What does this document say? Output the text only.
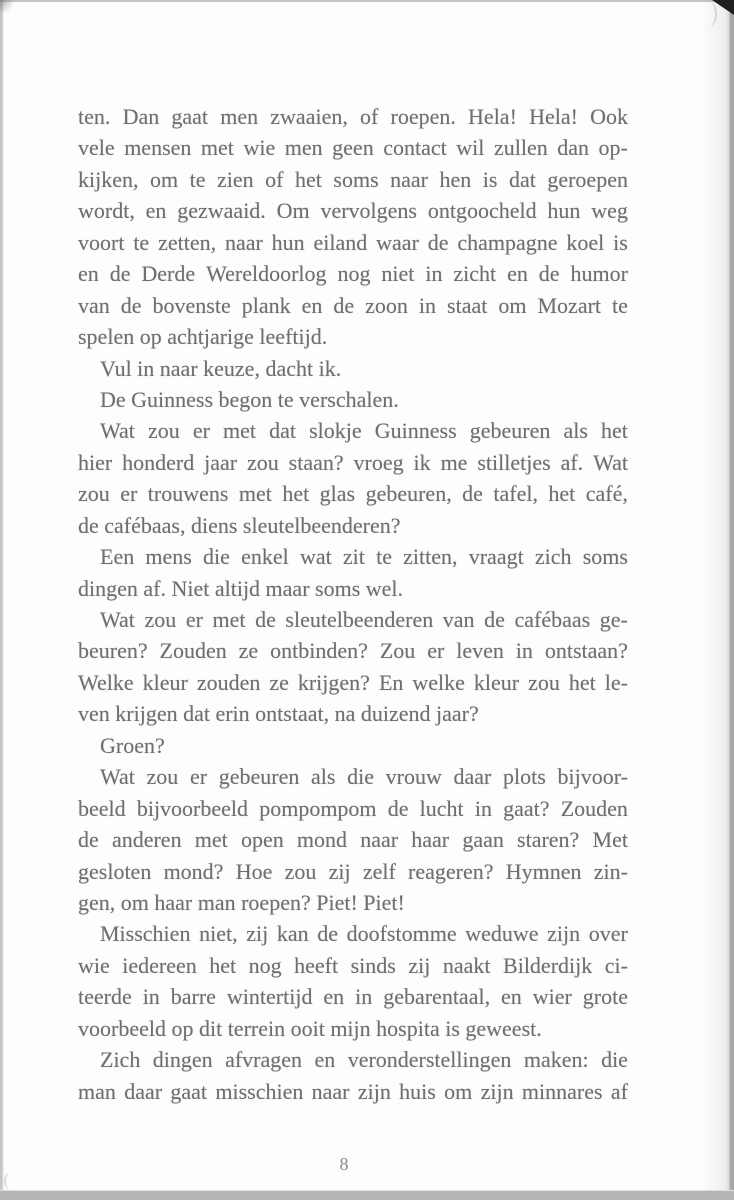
ten. Dan gaat men zwaaien, of roepen. Hela! Hela! Ook
vele mensen met wie men geen contact wil zullen dan op-
kijken, om te zien of het soms naar hen is dat geroepen
wordt, en gezwaaid. Om vervolgens ontgoocheld hun weg
voort te zetten, naar hun eiland waar de champagne koel is
en de Derde Wereldoorlog nog niet in zicht en de humor
van de bovenste plank en de zoon in staat om Mozart te
spelen op achtjarige leeftijd.
Vul in naar keuze, dacht ik.
De Guinness begon te verschalen.
Wat zou er met dat slokje Guinness gebeuren als het
hier honderd jaar zou staan? vroeg ik me stilletjes af. Wat
zou er trouwens met het glas gebeuren, de tafel, het café,
de cafébaas, diens sleutelbeenderen?
Een mens die enkel wat zit te zitten, vraagt zich soms
dingen af. Niet altijd maar soms wel.
Wat zou er met de sleutelbeenderen van de cafébaas ge-
beuren? Zouden ze ontbinden? Zou er leven in ontstaan?
Welke kleur zouden ze krijgen? En welke kleur zou het le-
ven krijgen dat erin ontstaat, na duizend jaar?
Groen?
Wat zou er gebeuren als die vrouw daar plots bijvoor-
beeld bijvoorbeeld pompompom de lucht in gaat? Zouden
de anderen met open mond naar haar gaan staren? Met
gesloten mond? Hoe zou zij zelf reageren? Hymnen zin-
gen, om haar man roepen? Piet! Piet!
Misschien niet, zij kan de doofstomme weduwe zijn over
wie iedereen het nog heeft sinds zij naakt Bilderdijk ci-
teerde in barre wintertijd en in gebarentaal, en wier grote
voorbeeld op dit terrein ooit mijn hospita is geweest.
Zich dingen afvragen en veronderstellingen maken: die
man daar gaat misschien naar zijn huis om zijn minnares af
8
